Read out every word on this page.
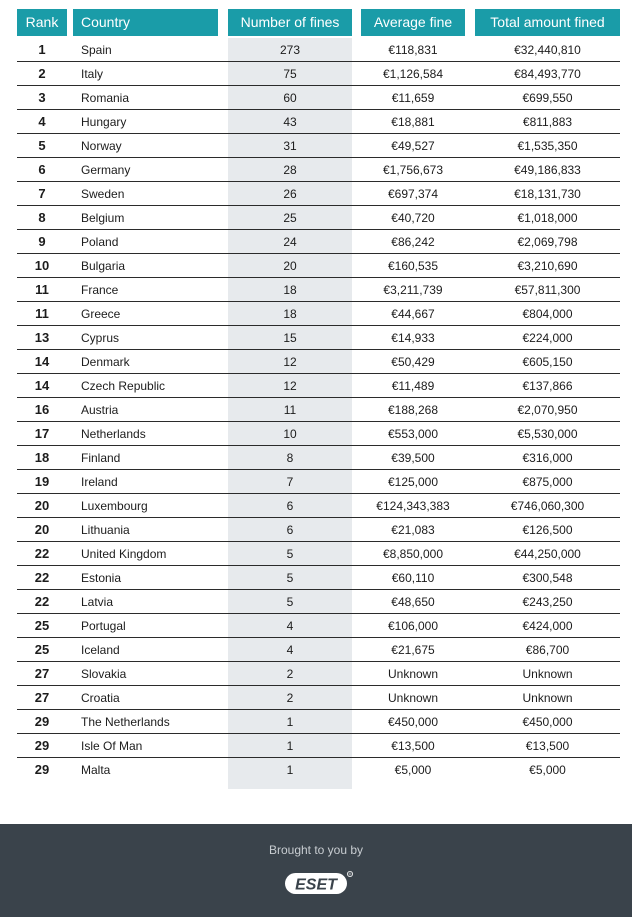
Rank	Country	Number of fines	Average fine	Total amount fined
1	Spain	273	€118,831	€32,440,810
2	Italy	75	€1,126,584	€84,493,770
3	Romania	60	€11,659	€699,550
4	Hungary	43	€18,881	€811,883
5	Norway	31	€49,527	€1,535,350
6	Germany	28	€1,756,673	€49,186,833
7	Sweden	26	€697,374	€18,131,730
8	Belgium	25	€40,720	€1,018,000
9	Poland	24	€86,242	€2,069,798
10	Bulgaria	20	€160,535	€3,210,690
11	France	18	€3,211,739	€57,811,300
11	Greece	18	€44,667	€804,000
13	Cyprus	15	€14,933	€224,000
14	Denmark	12	€50,429	€605,150
14	Czech Republic	12	€11,489	€137,866
16	Austria	11	€188,268	€2,070,950
17	Netherlands	10	€553,000	€5,530,000
18	Finland	8	€39,500	€316,000
19	Ireland	7	€125,000	€875,000
20	Luxembourg	6	€124,343,383	€746,060,300
20	Lithuania	6	€21,083	€126,500
22	United Kingdom	5	€8,850,000	€44,250,000
22	Estonia	5	€60,110	€300,548
22	Latvia	5	€48,650	€243,250
25	Portugal	4	€106,000	€424,000
25	Iceland	4	€21,675	€86,700
27	Slovakia	2	Unknown	Unknown
27	Croatia	2	Unknown	Unknown
29	The Netherlands	1	€450,000	€450,000
29	Isle Of Man	1	€13,500	€13,500
29	Malta	1	€5,000	€5,000
Brought to you by
ESET
®
